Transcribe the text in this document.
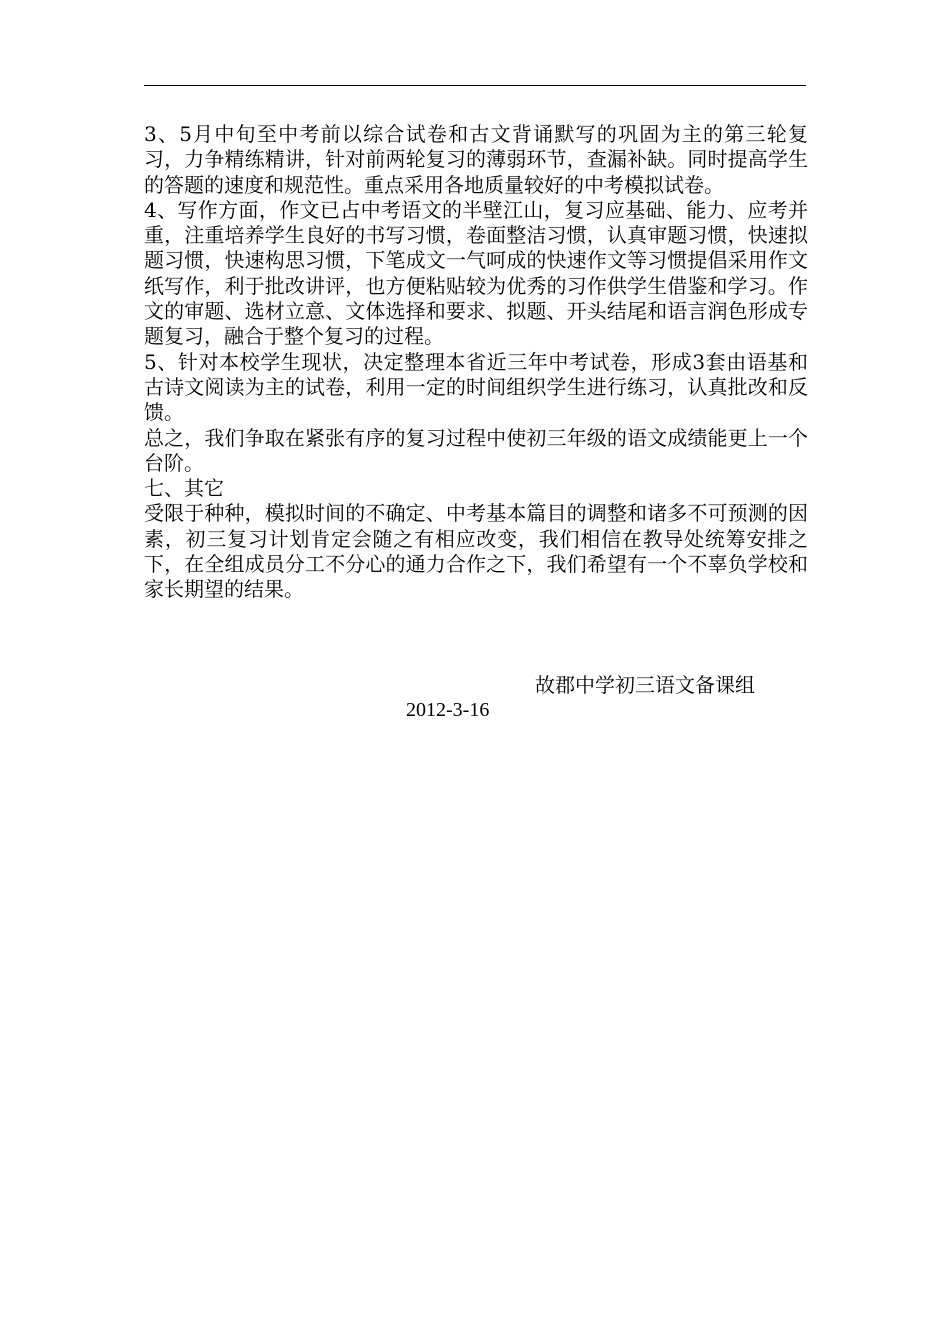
3、5月中旬至中考前以综合试卷和古文背诵默写的巩固为主的第三轮复习，力争精练精讲，针对前两轮复习的薄弱环节，查漏补缺。同时提高学生的答题的速度和规范性。重点采用各地质量较好的中考模拟试卷。

4、写作方面，作文已占中考语文的半壁江山，复习应基础、能力、应考并重，注重培养学生良好的书写习惯，卷面整洁习惯，认真审题习惯，快速拟题习惯，快速构思习惯，下笔成文一气呵成的快速作文等习惯提倡采用作文纸写作，利于批改讲评，也方便粘贴较为优秀的习作供学生借鉴和学习。作文的审题、选材立意、文体选择和要求、拟题、开头结尾和语言润色形成专题复习，融合于整个复习的过程。

5、针对本校学生现状，决定整理本省近三年中考试卷，形成3套由语基和古诗文阅读为主的试卷，利用一定的时间组织学生进行练习，认真批改和反馈。

总之，我们争取在紧张有序的复习过程中使初三年级的语文成绩能更上一个台阶。

七、其它

受限于种种，模拟时间的不确定、中考基本篇目的调整和诸多不可预测的因素，初三复习计划肯定会随之有相应改变，我们相信在教导处统筹安排之下，在全组成员分工不分心的通力合作之下，我们希望有一个不辜负学校和家长期望的结果。

故郡中学初三语文备课组
2012-3-16
